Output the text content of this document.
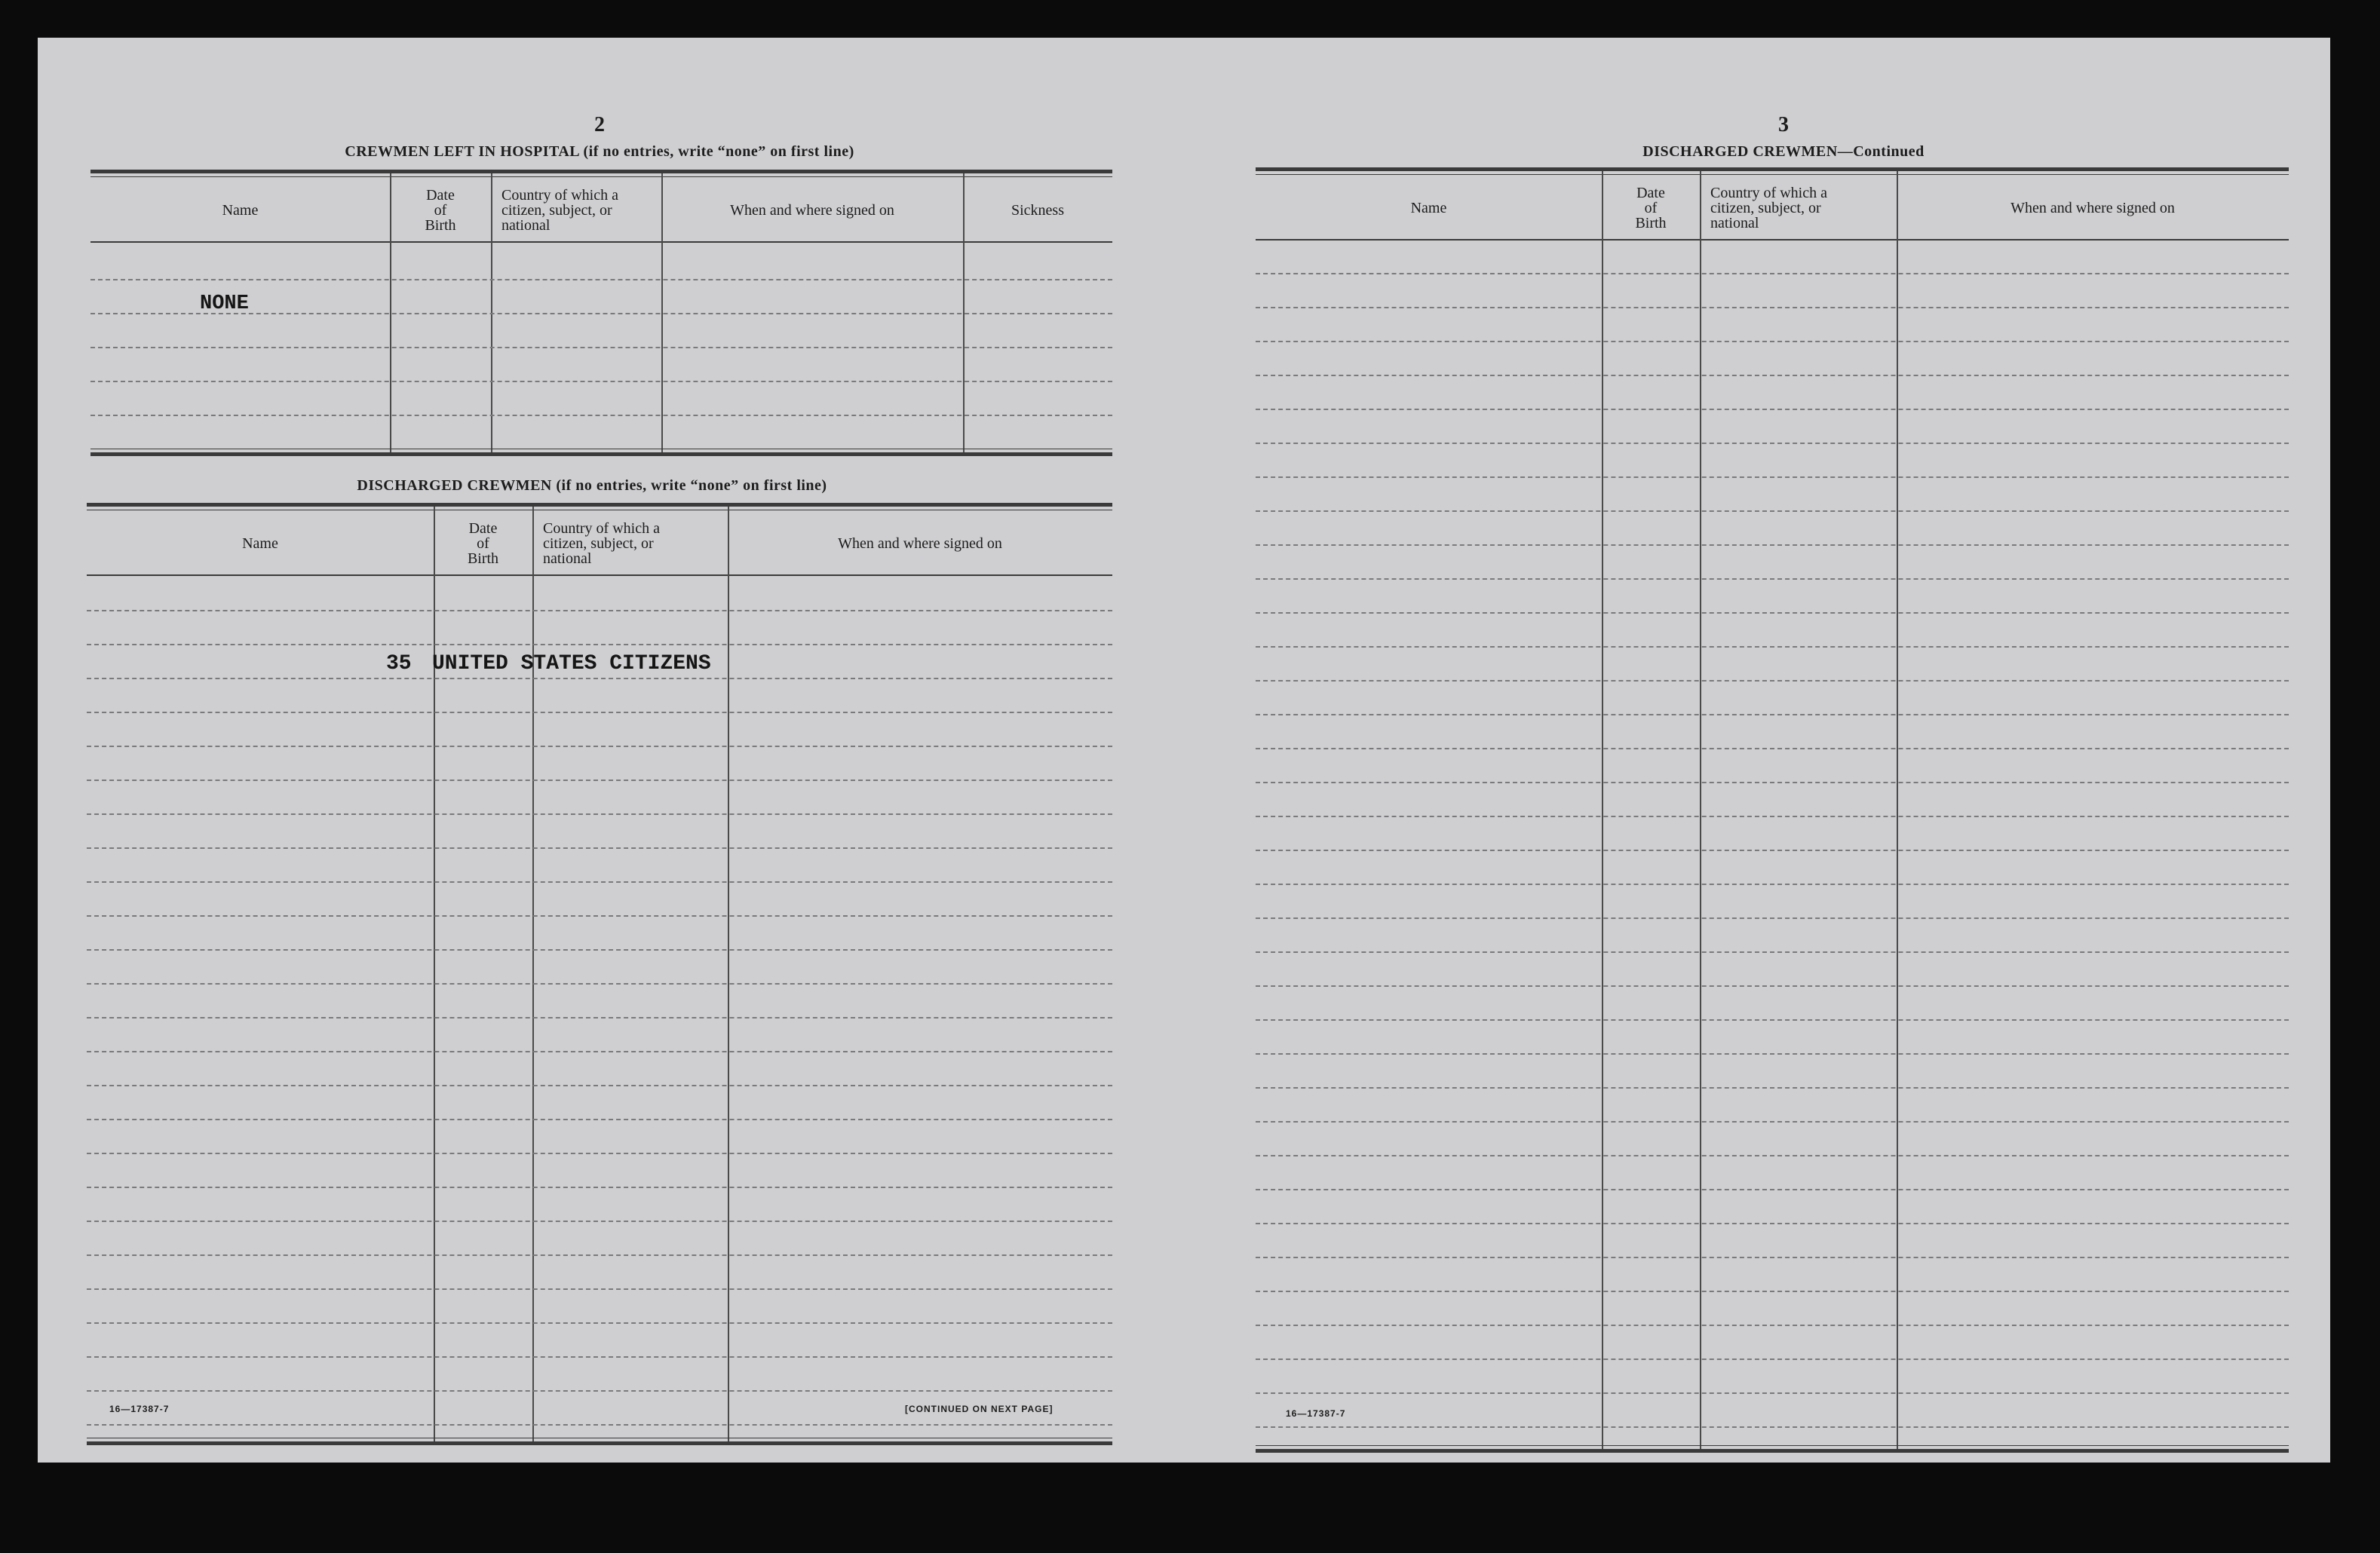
2
CREWMEN LEFT IN HOSPITAL (if no entries, write “none” on first line)
Name
Date
of
Birth
Country of which a
citizen, subject, or
national
When and where signed on	Sickness
NONE
DISCHARGED CREWMEN (if no entries, write “none” on first line)
Name
Date
of
Birth
Country of which a
citizen, subject, or
national
When and where signed on
35 UNITED STATES CITIZENS
16—17387-7	[CONTINUED ON NEXT PAGE]
3
DISCHARGED CREWMEN—Continued
Name
Date
of
Birth
Country of which a
citizen, subject, or
national
When and where signed on
16—17387-7
